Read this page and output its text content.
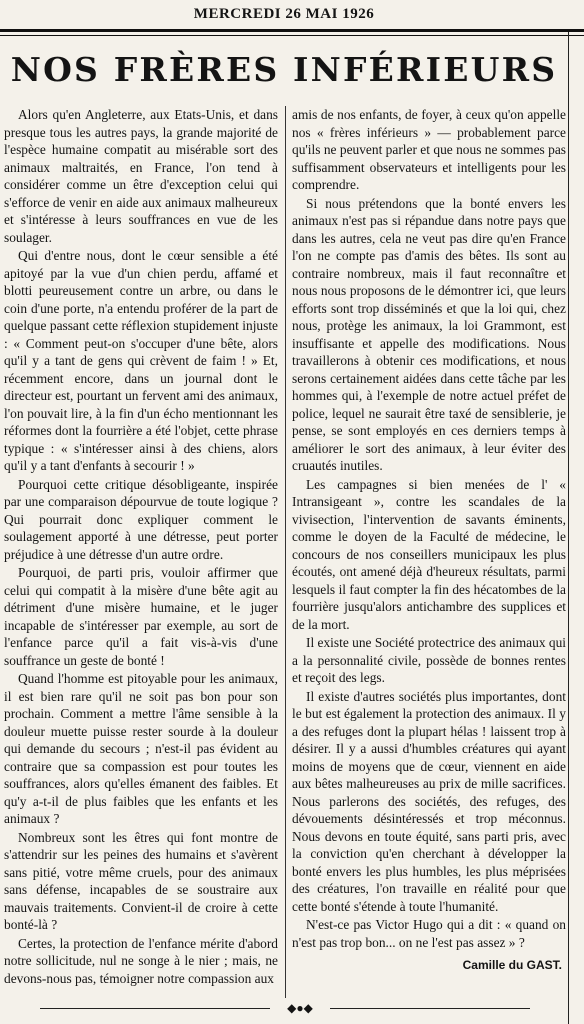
MERCREDI 26 MAI 1926
NOS FRÈRES INFÉRIEURS

Alors qu'en Angleterre, aux Etats-Unis, et dans presque tous les autres pays, la grande majorité de l'espèce humaine compatit au misérable sort des animaux maltraités, en France, l'on tend à considérer comme un être d'exception celui qui s'efforce de venir en aide aux animaux malheureux et s'intéresse à leurs souffrances en vue de les soulager.

Qui d'entre nous, dont le cœur sensible a été apitoyé par la vue d'un chien perdu, affamé et blotti peureusement contre un arbre, ou dans le coin d'une porte, n'a entendu proférer de la part de quelque passant cette réflexion stupidement injuste : « Comment peut-on s'occuper d'une bête, alors qu'il y a tant de gens qui crèvent de faim ! » Et, récemment encore, dans un journal dont le directeur est, pourtant un fervent ami des animaux, l'on pouvait lire, à la fin d'un écho mentionnant les réformes dont la fourrière a été l'objet, cette phrase typique : « s'intéresser ainsi à des chiens, alors qu'il y a tant d'enfants à secourir ! »

Pourquoi cette critique désobligeante, inspirée par une comparaison dépourvue de toute logique ? Qui pourrait donc expliquer comment le soulagement apporté à une détresse, peut porter préjudice à une détresse d'un autre ordre.

Pourquoi, de parti pris, vouloir affirmer que celui qui compatit à la misère d'une bête agit au détriment d'une misère humaine, et le juger incapable de s'intéresser par exemple, au sort de l'enfance parce qu'il a fait vis-à-vis d'une souffrance un geste de bonté !

Quand l'homme est pitoyable pour les animaux, il est bien rare qu'il ne soit pas bon pour son prochain. Comment a mettre l'âme sensible à la douleur muette puisse rester sourde à la douleur qui demande du secours ; n'est-il pas évident au contraire que sa compassion est pour toutes les souffrances, alors qu'elles émanent des faibles. Et qu'y a-t-il de plus faibles que les enfants et les animaux ?

Nombreux sont les êtres qui font montre de s'attendrir sur les peines des humains et s'avèrent sans pitié, votre même cruels, pour des animaux sans défense, incapables de se soustraire aux mauvais traitements. Convient-il de croire à cette bonté-là ?

Certes, la protection de l'enfance mérite d'abord notre sollicitude, nul ne songe à le nier ; mais, ne devons-nous pas, témoigner notre compassion aux

amis de nos enfants, de foyer, à ceux qu'on appelle nos « frères inférieurs » — probablement parce qu'ils ne peuvent parler et que nous ne sommes pas suffisamment observateurs et intelligents pour les comprendre.

Si nous prétendons que la bonté envers les animaux n'est pas si répandue dans notre pays que dans les autres, cela ne veut pas dire qu'en France l'on ne compte pas d'amis des bêtes. Ils sont au contraire nombreux, mais il faut reconnaître et nous nous proposons de le démontrer ici, que leurs efforts sont trop disséminés et que la loi qui, chez nous, protège les animaux, la loi Grammont, est insuffisante et appelle des modifications. Nous travaillerons à obtenir ces modifications, et nous serons certainement aidées dans cette tâche par les hommes qui, à l'exemple de notre actuel préfet de police, lequel ne saurait être taxé de sensiblerie, je pense, se sont employés en ces derniers temps à améliorer le sort des animaux, à leur éviter des cruautés inutiles.

Les campagnes si bien menées de l' « Intransigeant », contre les scandales de la vivisection, l'intervention de savants éminents, comme le doyen de la Faculté de médecine, le concours de nos conseillers municipaux les plus écoutés, ont amené déjà d'heureux résultats, parmi lesquels il faut compter la fin des hécatombes de la fourrière jusqu'alors antichambre des supplices et de la mort.

Il existe une Société protectrice des animaux qui a la personnalité civile, possède de bonnes rentes et reçoit des legs.

Il existe d'autres sociétés plus importantes, dont le but est également la protection des animaux. Il y a des refuges dont la plupart hélas ! laissent trop à désirer. Il y a aussi d'humbles créatures qui ayant moins de moyens que de cœur, viennent en aide aux bêtes malheureuses au prix de mille sacrifices. Nous parlerons des sociétés, des refuges, des dévouements désintéressés et trop méconnus. Nous devons en toute équité, sans parti pris, avec la conviction qu'en cherchant à développer la bonté envers les plus humbles, les plus méprisées des créatures, l'on travaille en réalité pour que cette bonté s'étende à toute l'humanité.

N'est-ce pas Victor Hugo qui a dit : « quand on n'est pas trop bon... on ne l'est pas assez » ?

Camille du GAST.
◆●◆
